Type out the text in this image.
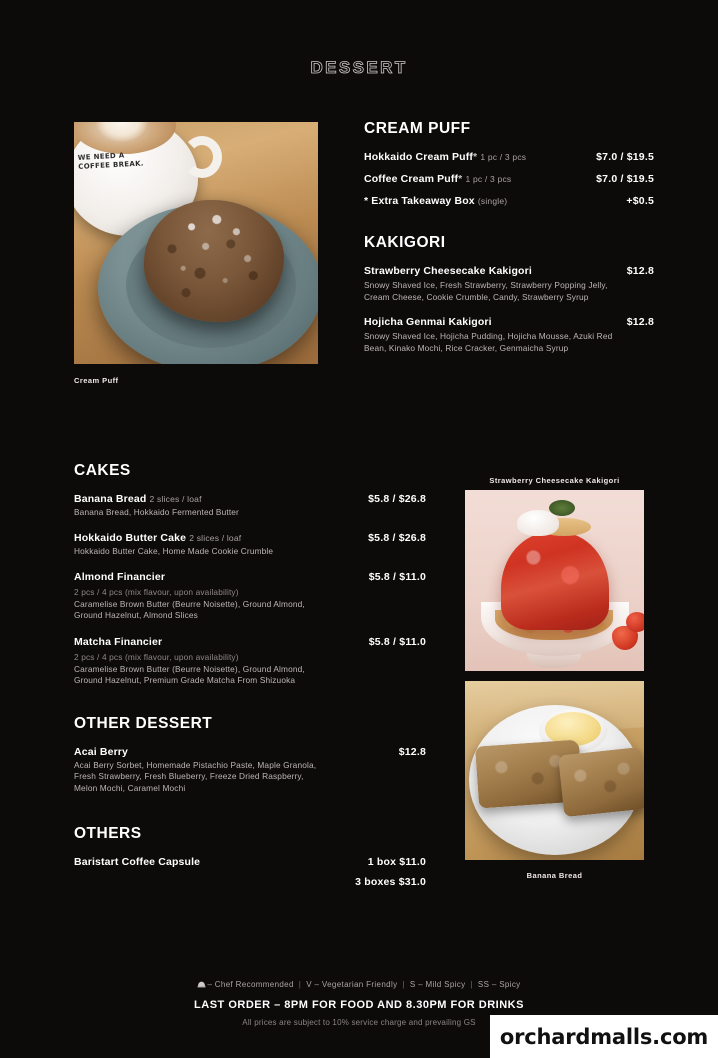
DESSERT
WE NEED A COFFEE BREAK.
Cream Puff
CREAM PUFF
Hokkaido Cream Puff* 1 pc / 3 pcs	$7.0 / $19.5
Coffee Cream Puff* 1 pc / 3 pcs	$7.0 / $19.5
* Extra Takeaway Box (single)	+$0.5
KAKIGORI
Strawberry Cheesecake Kakigori	$12.8
Snowy Shaved Ice, Fresh Strawberry, Strawberry Popping Jelly, Cream Cheese, Cookie Crumble, Candy, Strawberry Syrup
Hojicha Genmai Kakigori	$12.8
Snowy Shaved Ice, Hojicha Pudding, Hojicha Mousse, Azuki Red Bean, Kinako Mochi, Rice Cracker, Genmaicha Syrup
Strawberry Cheesecake Kakigori
Banana Bread
CAKES
Banana Bread 2 slices / loaf	$5.8 / $26.8
Banana Bread, Hokkaido Fermented Butter
Hokkaido Butter Cake 2 slices / loaf	$5.8 / $26.8
Hokkaido Butter Cake, Home Made Cookie Crumble
Almond Financier	$5.8 / $11.0
2 pcs / 4 pcs (mix flavour, upon availability)
Caramelise Brown Butter (Beurre Noisette), Ground Almond, Ground Hazelnut, Almond Slices
Matcha Financier	$5.8 / $11.0
2 pcs / 4 pcs (mix flavour, upon availability)
Caramelise Brown Butter (Beurre Noisette), Ground Almond, Ground Hazelnut, Premium Grade Matcha From Shizuoka
OTHER DESSERT
Acai Berry	$12.8
Acai Berry Sorbet, Homemade Pistachio Paste, Maple Granola, Fresh Strawberry, Fresh Blueberry, Freeze Dried Raspberry, Melon Mochi, Caramel Mochi
OTHERS
Baristart Coffee Capsule	1 box $11.0
3 boxes $31.0
– Chef Recommended | V – Vegetarian Friendly | S – Mild Spicy | SS – Spicy
LAST ORDER – 8PM FOR FOOD AND 8.30PM FOR DRINKS
All prices are subject to 10% service charge and prevailing GS
orchardmalls.com
